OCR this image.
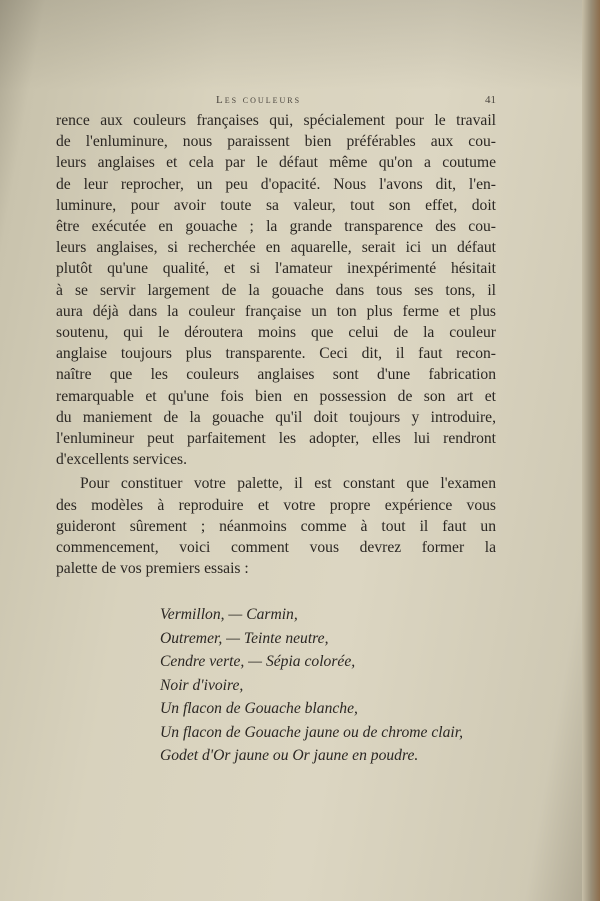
Les couleurs	41

rence aux couleurs françaises qui, spécialement pour le travail
de l'enluminure, nous paraissent bien préférables aux cou-
leurs anglaises et cela par le défaut même qu'on a coutume
de leur reprocher, un peu d'opacité. Nous l'avons dit, l'en-
luminure, pour avoir toute sa valeur, tout son effet, doit
être exécutée en gouache ; la grande transparence des cou-
leurs anglaises, si recherchée en aquarelle, serait ici un défaut
plutôt qu'une qualité, et si l'amateur inexpérimenté hésitait
à se servir largement de la gouache dans tous ses tons, il
aura déjà dans la couleur française un ton plus ferme et plus
soutenu, qui le déroutera moins que celui de la couleur
anglaise toujours plus transparente. Ceci dit, il faut recon-
naître que les couleurs anglaises sont d'une fabrication
remarquable et qu'une fois bien en possession de son art et
du maniement de la gouache qu'il doit toujours y introduire,
l'enlumineur peut parfaitement les adopter, elles lui rendront
d'excellents services.

Pour constituer votre palette, il est constant que l'examen
des modèles à reproduire et votre propre expérience vous
guideront sûrement ; néanmoins comme à tout il faut un
commencement, voici comment vous devrez former la
palette de vos premiers essais :

Vermillon, — Carmin,
Outremer, — Teinte neutre,
Cendre verte, — Sépia colorée,
Noir d'ivoire,
Un flacon de Gouache blanche,
Un flacon de Gouache jaune ou de chrome clair,
Godet d'Or jaune ou Or jaune en poudre.
